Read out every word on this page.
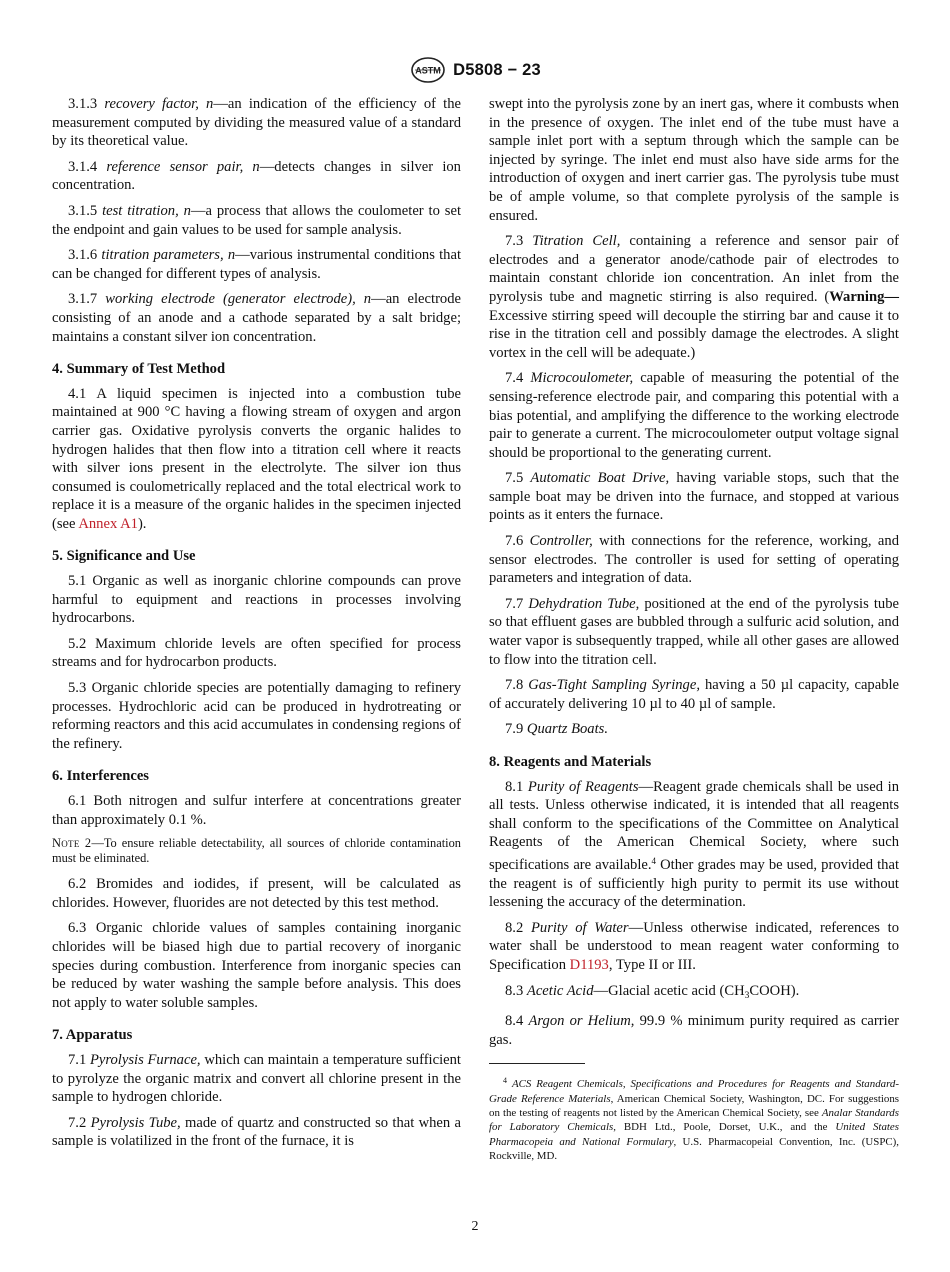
ASTM D5808 − 23

3.1.3 recovery factor, n—an indication of the efficiency of the measurement computed by dividing the measured value of a standard by its theoretical value.

3.1.4 reference sensor pair, n—detects changes in silver ion concentration.

3.1.5 test titration, n—a process that allows the coulometer to set the endpoint and gain values to be used for sample analysis.

3.1.6 titration parameters, n—various instrumental conditions that can be changed for different types of analysis.

3.1.7 working electrode (generator electrode), n—an electrode consisting of an anode and a cathode separated by a salt bridge; maintains a constant silver ion concentration.

4. Summary of Test Method

4.1 A liquid specimen is injected into a combustion tube maintained at 900 °C having a flowing stream of oxygen and argon carrier gas. Oxidative pyrolysis converts the organic halides to hydrogen halides that then flow into a titration cell where it reacts with silver ions present in the electrolyte. The silver ion thus consumed is coulometrically replaced and the total electrical work to replace it is a measure of the organic halides in the specimen injected (see Annex A1).

5. Significance and Use

5.1 Organic as well as inorganic chlorine compounds can prove harmful to equipment and reactions in processes involving hydrocarbons.

5.2 Maximum chloride levels are often specified for process streams and for hydrocarbon products.

5.3 Organic chloride species are potentially damaging to refinery processes. Hydrochloric acid can be produced in hydrotreating or reforming reactors and this acid accumulates in condensing regions of the refinery.

6. Interferences

6.1 Both nitrogen and sulfur interfere at concentrations greater than approximately 0.1 %.

Note 2—To ensure reliable detectability, all sources of chloride contamination must be eliminated.

6.2 Bromides and iodides, if present, will be calculated as chlorides. However, fluorides are not detected by this test method.

6.3 Organic chloride values of samples containing inorganic chlorides will be biased high due to partial recovery of inorganic species during combustion. Interference from inorganic species can be reduced by water washing the sample before analysis. This does not apply to water soluble samples.

7. Apparatus

7.1 Pyrolysis Furnace, which can maintain a temperature sufficient to pyrolyze the organic matrix and convert all chlorine present in the sample to hydrogen chloride.

7.2 Pyrolysis Tube, made of quartz and constructed so that when a sample is volatilized in the front of the furnace, it is

swept into the pyrolysis zone by an inert gas, where it combusts when in the presence of oxygen. The inlet end of the tube must have a sample inlet port with a septum through which the sample can be injected by syringe. The inlet end must also have side arms for the introduction of oxygen and inert carrier gas. The pyrolysis tube must be of ample volume, so that complete pyrolysis of the sample is ensured.

7.3 Titration Cell, containing a reference and sensor pair of electrodes and a generator anode/cathode pair of electrodes to maintain constant chloride ion concentration. An inlet from the pyrolysis tube and magnetic stirring is also required. (Warning—Excessive stirring speed will decouple the stirring bar and cause it to rise in the titration cell and possibly damage the electrodes. A slight vortex in the cell will be adequate.)

7.4 Microcoulometer, capable of measuring the potential of the sensing-reference electrode pair, and comparing this potential with a bias potential, and amplifying the difference to the working electrode pair to generate a current. The microcoulometer output voltage signal should be proportional to the generating current.

7.5 Automatic Boat Drive, having variable stops, such that the sample boat may be driven into the furnace, and stopped at various points as it enters the furnace.

7.6 Controller, with connections for the reference, working, and sensor electrodes. The controller is used for setting of operating parameters and integration of data.

7.7 Dehydration Tube, positioned at the end of the pyrolysis tube so that effluent gases are bubbled through a sulfuric acid solution, and water vapor is subsequently trapped, while all other gases are allowed to flow into the titration cell.

7.8 Gas-Tight Sampling Syringe, having a 50 µl capacity, capable of accurately delivering 10 µl to 40 µl of sample.

7.9 Quartz Boats.

8. Reagents and Materials

8.1 Purity of Reagents—Reagent grade chemicals shall be used in all tests. Unless otherwise indicated, it is intended that all reagents shall conform to the specifications of the Committee on Analytical Reagents of the American Chemical Society, where such specifications are available.$^4$ Other grades may be used, provided that the reagent is of sufficiently high purity to permit its use without lessening the accuracy of the determination.

8.2 Purity of Water—Unless otherwise indicated, references to water shall be understood to mean reagent water conforming to Specification D1193, Type II or III.

8.3 Acetic Acid—Glacial acetic acid $(CH_3COOH)$.

8.4 Argon or Helium, 99.9 % minimum purity required as carrier gas.

$^4$ ACS Reagent Chemicals, Specifications and Procedures for Reagents and Standard-Grade Reference Materials, American Chemical Society, Washington, DC. For suggestions on the testing of reagents not listed by the American Chemical Society, see Analar Standards for Laboratory Chemicals, BDH Ltd., Poole, Dorset, U.K., and the United States Pharmacopeia and National Formulary, U.S. Pharmacopeial Convention, Inc. (USPC), Rockville, MD.

2
